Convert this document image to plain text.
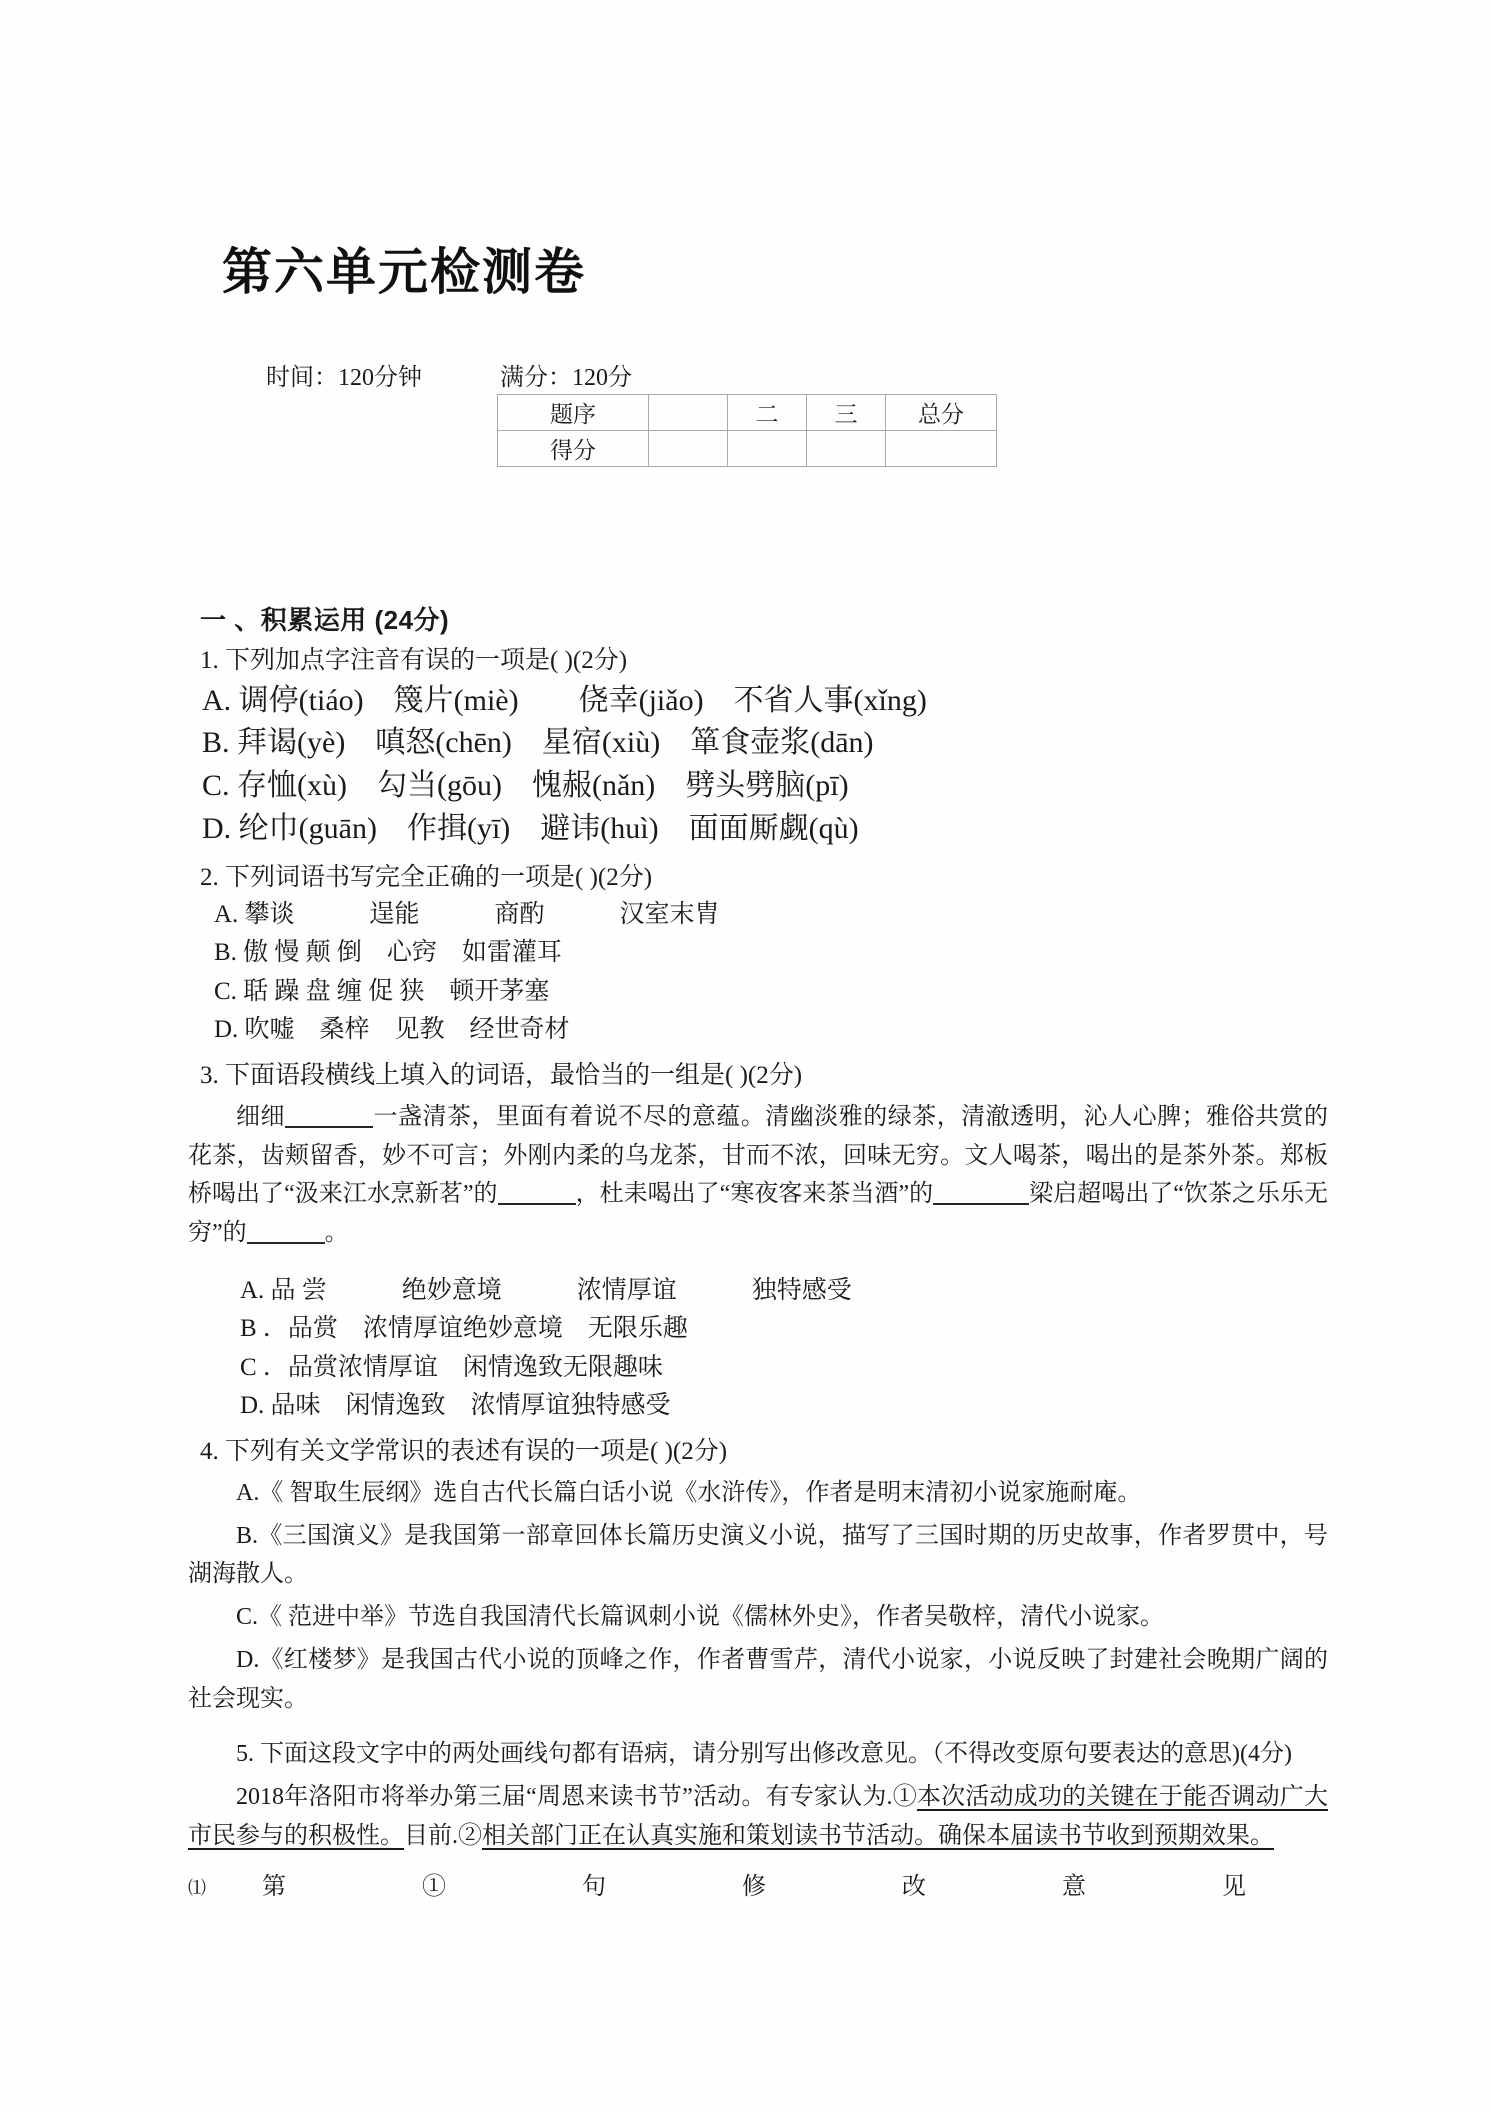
第六单元检测卷
时间：120分钟	满分：120分
题序		二	三	总分
得分				
一 、积累运用 (24分)
1. 下列加点字注音有误的一项是( )(2分)
A. 调停(tiáo)　篾片(miè)　　侥幸(jiǎo)　不省人事(xǐng)
B. 拜谒(yè)　嗔怒(chēn)　星宿(xiù)　箪食壶浆(dān)
C. 存恤(xù)　勾当(gōu)　愧赧(nǎn)　劈头劈脑(pī)
D. 纶巾(guān)　作揖(yī)　避讳(huì)　面面厮觑(qù)
2. 下列词语书写完全正确的一项是( )(2分)
A. 攀谈　　　逞能　　　商酌　　　汉室末胄
B. 傲 慢 颠 倒　心窍　如雷灌耳
C. 聒 躁 盘 缠 促 狭　顿开茅塞
D. 吹嘘　桑梓　见教　经世奇材
3. 下面语段横线上填入的词语，最恰当的一组是( )(2分)
细细	一盏清茶，里面有着说不尽的意蕴。清幽淡雅的绿茶，清澈透明，沁人心脾；雅俗共赏的花茶，齿颊留香，妙不可言；外刚内柔的乌龙茶，甘而不浓，回味无穷。文人喝茶，喝出的是茶外茶。郑板桥喝出了“汲来江水烹新茗”的	，杜耒喝出了“寒夜客来茶当酒”的	梁启超喝出了“饮茶之乐乐无穷”的	。
A. 品 尝　　　绝妙意境　　　浓情厚谊　　　独特感受
B ．品赏　浓情厚谊绝妙意境　无限乐趣
C ．品赏浓情厚谊　闲情逸致无限趣味
D. 品味　闲情逸致　浓情厚谊独特感受
4. 下列有关文学常识的表述有误的一项是( )(2分)
A.《 智取生辰纲》选自古代长篇白话小说《水浒传》，作者是明末清初小说家施耐庵。
B.《三国演义》是我国第一部章回体长篇历史演义小说，描写了三国时期的历史故事，作者罗贯中，号湖海散人。
C.《 范进中举》节选自我国清代长篇讽刺小说《儒林外史》，作者吴敬梓，清代小说家。
D.《红楼梦》是我国古代小说的顶峰之作，作者曹雪芹，清代小说家，小说反映了封建社会晚期广阔的社会现实。
5. 下面这段文字中的两处画线句都有语病，请分别写出修改意见。（不得改变原句要表达的意思)(4分)
2018年洛阳市将举办第三届“周恩来读书节”活动。有专家认为.①本次活动成功的关键在于能否调动广大市民参与的积极性。目前.②相关部门正在认真实施和策划读书节活动。确保本届读书节收到预期效果。
⑴ 第　①　句　修　改　意　见
